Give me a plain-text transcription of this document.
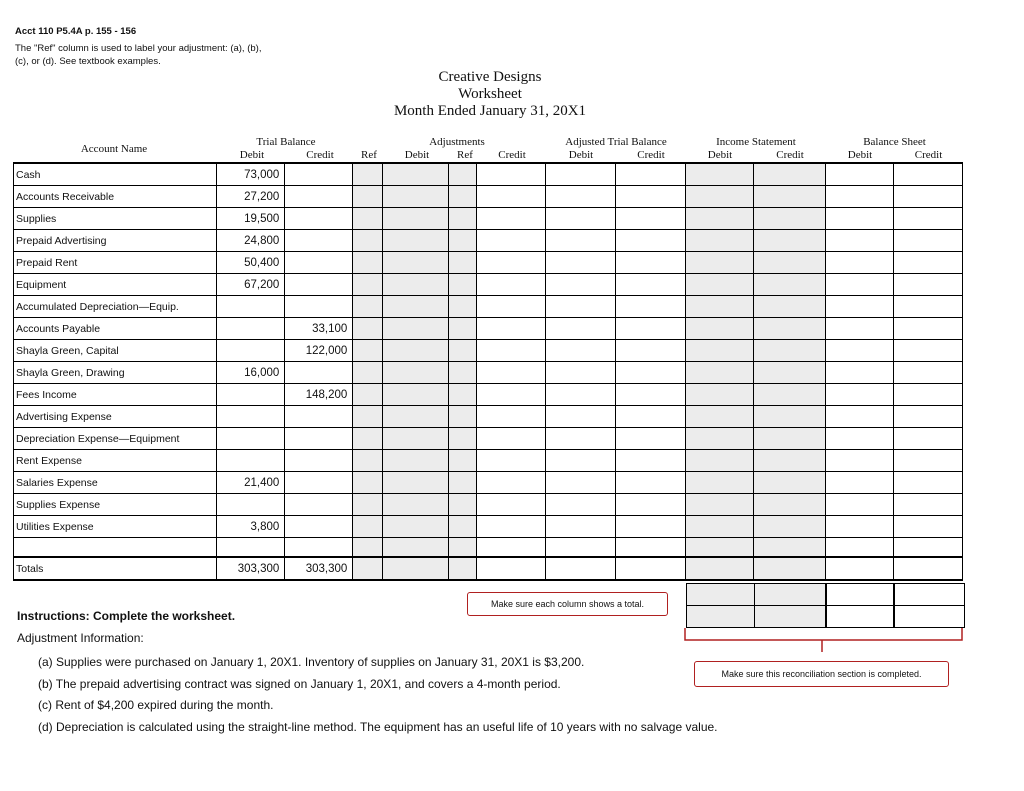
Acct 110 P5.4A p. 155 - 156
The "Ref" column is used to label your adjustment: (a), (b),
(c), or (d). See textbook examples.
Creative Designs
Worksheet
Month Ended January 31, 20X1
Account Name
Trial Balance
Debit	Credit	Ref
Adjustments
Debit	Ref	Credit
Adjusted Trial Balance
Debit	Credit
Income Statement
Debit	Credit
Balance Sheet
Debit	Credit
Cash	73,000											
Accounts Receivable	27,200											
Supplies	19,500											
Prepaid Advertising	24,800											
Prepaid Rent	50,400											
Equipment	67,200											
Accumulated Depreciation—Equip.												
Accounts Payable		33,100										
Shayla Green, Capital		122,000										
Shayla Green, Drawing	16,000											
Fees Income		148,200										
Advertising Expense												
Depreciation Expense—Equipment												
Rent Expense												
Salaries Expense	21,400											
Supplies Expense												
Utilities Expense	3,800											

Totals	303,300	303,300										
Make sure each column shows a total.
Make sure this reconciliation section is completed.
Instructions: Complete the worksheet.
Adjustment Information:
(a) Supplies were purchased on January 1, 20X1. Inventory of supplies on January 31, 20X1 is $3,200.
(b) The prepaid advertising contract was signed on January 1, 20X1, and covers a 4-month period.
(c) Rent of $4,200 expired during the month.
(d) Depreciation is calculated using the straight-line method. The equipment has an useful life of 10 years with no salvage value.
